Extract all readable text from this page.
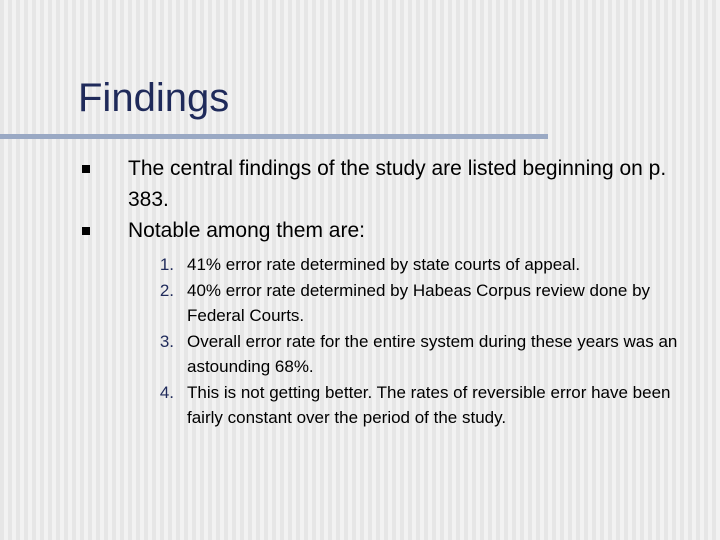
Findings
The central findings of the study are listed beginning on p. 383.
Notable among them are:
1. 41% error rate determined by state courts of appeal.
2. 40% error rate determined by Habeas Corpus review done by Federal Courts.
3. Overall error rate for the entire system during these years was an astounding 68%.
4. This is not getting better. The rates of reversible error have been fairly constant over the period of the study.
